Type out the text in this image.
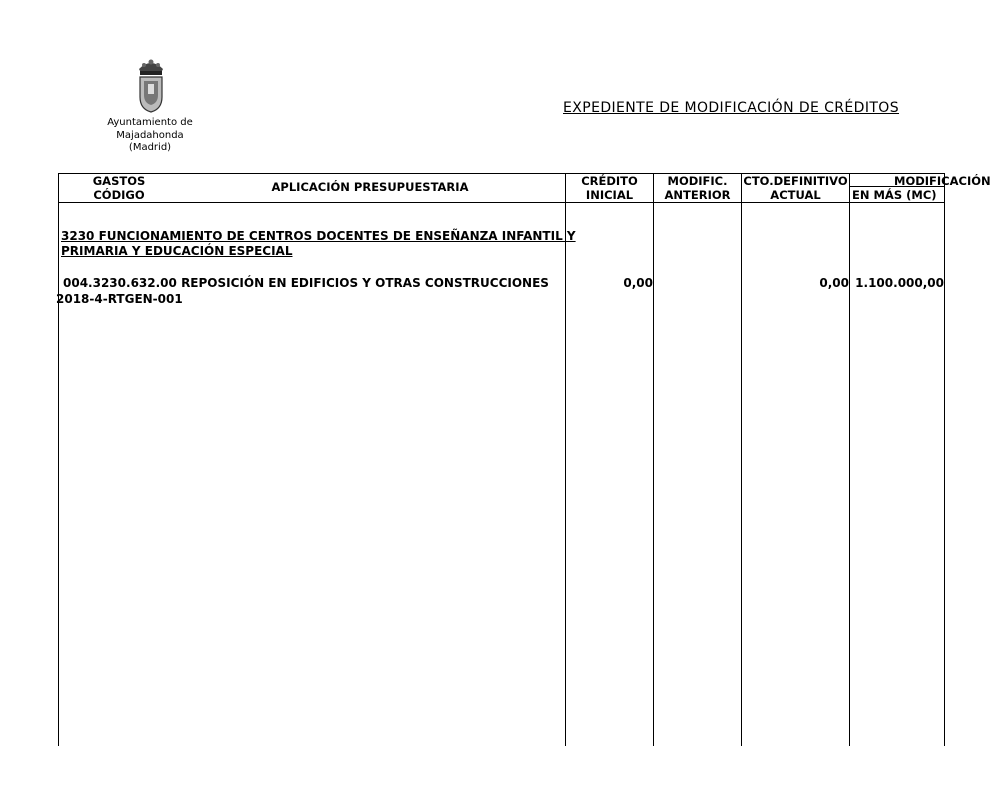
Ayuntamiento de
Majadahonda
(Madrid)
EXPEDIENTE DE MODIFICACIÓN DE CRÉDITOS
GASTOS
CÓDIGO
APLICACIÓN PRESUPUESTARIA	CRÉDITO
INICIAL
MODIFIC.
ANTERIOR
CTO.DEFINITIVO
ACTUAL
MODIFICACIÓN
EN MÁS (MC)
3230 FUNCIONAMIENTO DE CENTROS DOCENTES DE ENSEÑANZA INFANTIL Y
PRIMARIA Y EDUCACIÓN ESPECIAL
004.3230.632.00 REPOSICIÓN EN EDIFICIOS Y OTRAS CONSTRUCCIONES
2018-4-RTGEN-001
0,00	0,00 1.100.000,00
